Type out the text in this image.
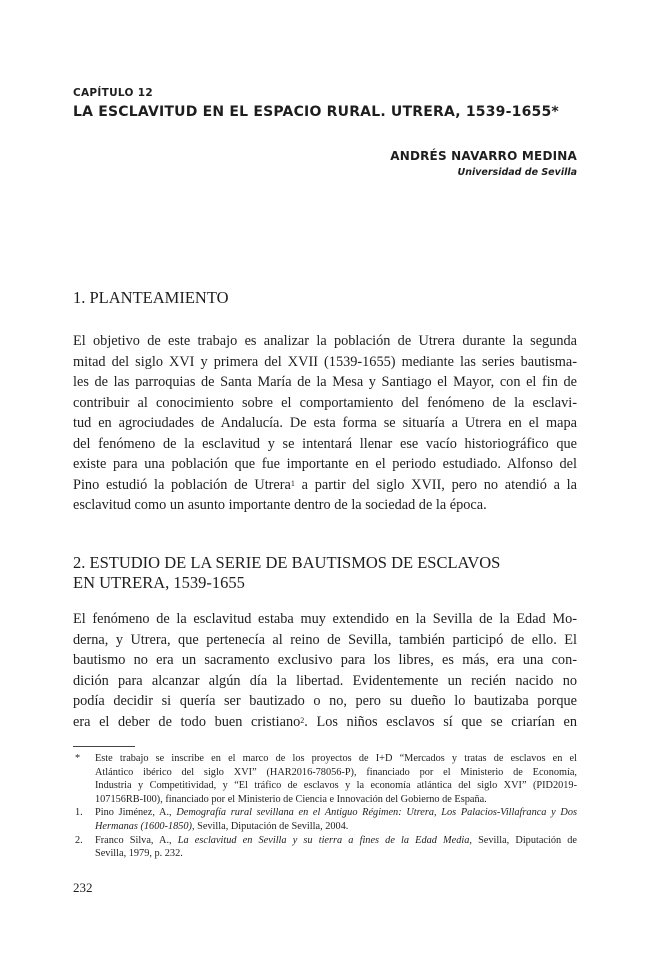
CAPÍTULO 12
LA ESCLAVITUD EN EL ESPACIO RURAL. UTRERA, 1539-1655*
ANDRÉS NAVARRO MEDINA
Universidad de Sevilla
1. PLANTEAMIENTO
El objetivo de este trabajo es analizar la población de Utrera durante la segunda
mitad del siglo XVI y primera del XVII (1539-1655) mediante las series bautisma-
les de las parroquias de Santa María de la Mesa y Santiago el Mayor, con el fin de
contribuir al conocimiento sobre el comportamiento del fenómeno de la esclavi-
tud en agrociudades de Andalucía. De esta forma se situaría a Utrera en el mapa
del fenómeno de la esclavitud y se intentará llenar ese vacío historiográfico que
existe para una población que fue importante en el periodo estudiado. Alfonso del
Pino estudió la población de Utrera$^1$ a partir del siglo XVII, pero no atendió a la
esclavitud como un asunto importante dentro de la sociedad de la época.
2. ESTUDIO DE LA SERIE DE BAUTISMOS DE ESCLAVOS
EN UTRERA, 1539-1655
El fenómeno de la esclavitud estaba muy extendido en la Sevilla de la Edad Mo-
derna, y Utrera, que pertenecía al reino de Sevilla, también participó de ello. El
bautismo no era un sacramento exclusivo para los libres, es más, era una con-
dición para alcanzar algún día la libertad. Evidentemente un recién nacido no
podía decidir si quería ser bautizado o no, pero su dueño lo bautizaba porque
era el deber de todo buen cristiano$^2$. Los niños esclavos sí que se criarían en
*	Este trabajo se inscribe en el marco de los proyectos de I+D “Mercados y tratas de esclavos en el
Atlántico ibérico del siglo XVI” (HAR2016-78056-P), financiado por el Ministerio de Economía,
Industria y Competitividad, y “El tráfico de esclavos y la economía atlántica del siglo XVI” (PID2019-
107156RB-I00), financiado por el Ministerio de Ciencia e Innovación del Gobierno de España.
1.	Pino Jiménez, A., Demografía rural sevillana en el Antiguo Régimen: Utrera, Los Palacios-Villafranca y Dos
Hermanas (1600-1850), Sevilla, Diputación de Sevilla, 2004.
2.	Franco Silva, A., La esclavitud en Sevilla y su tierra a fines de la Edad Media, Sevilla, Diputación de
Sevilla, 1979, p. 232.
232
